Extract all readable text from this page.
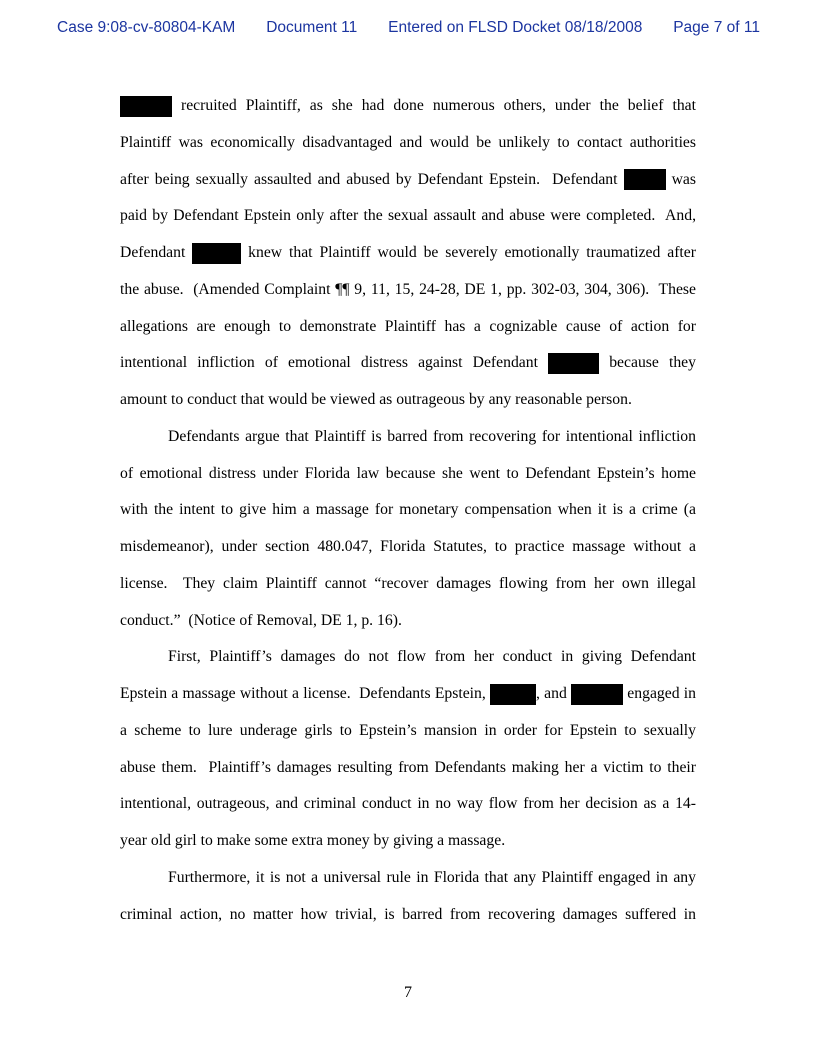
Case 9:08-cv-80804-KAM Document 11 Entered on FLSD Docket 08/18/2008 Page 7 of 11
recruited Plaintiff, as she had done numerous others, under the belief that
Plaintiff was economically disadvantaged and would be unlikely to contact authorities
after being sexually assaulted and abused by Defendant Epstein.  Defendant	was
paid by Defendant Epstein only after the sexual assault and abuse were completed.  And,
Defendant	knew that Plaintiff would be severely emotionally traumatized after
the abuse.  (Amended Complaint ¶¶ 9, 11, 15, 24-28, DE 1, pp. 302-03, 304, 306).  These
allegations are enough to demonstrate Plaintiff has a cognizable cause of action for
intentional infliction of emotional distress against Defendant	because they
amount to conduct that would be viewed as outrageous by any reasonable person.
Defendants argue that Plaintiff is barred from recovering for intentional infliction
of emotional distress under Florida law because she went to Defendant Epstein’s home
with the intent to give him a massage for monetary compensation when it is a crime (a
misdemeanor), under section 480.047, Florida Statutes, to practice massage without a
license.  They claim Plaintiff cannot “recover damages flowing from her own illegal
conduct.”  (Notice of Removal, DE 1, p. 16).
First, Plaintiff’s damages do not flow from her conduct in giving Defendant
Epstein a massage without a license.  Defendants Epstein,	, and	engaged in
a scheme to lure underage girls to Epstein’s mansion in order for Epstein to sexually
abuse them.  Plaintiff’s damages resulting from Defendants making her a victim to their
intentional, outrageous, and criminal conduct in no way flow from her decision as a 14-
year old girl to make some extra money by giving a massage.
Furthermore, it is not a universal rule in Florida that any Plaintiff engaged in any
criminal action, no matter how trivial, is barred from recovering damages suffered in
7
